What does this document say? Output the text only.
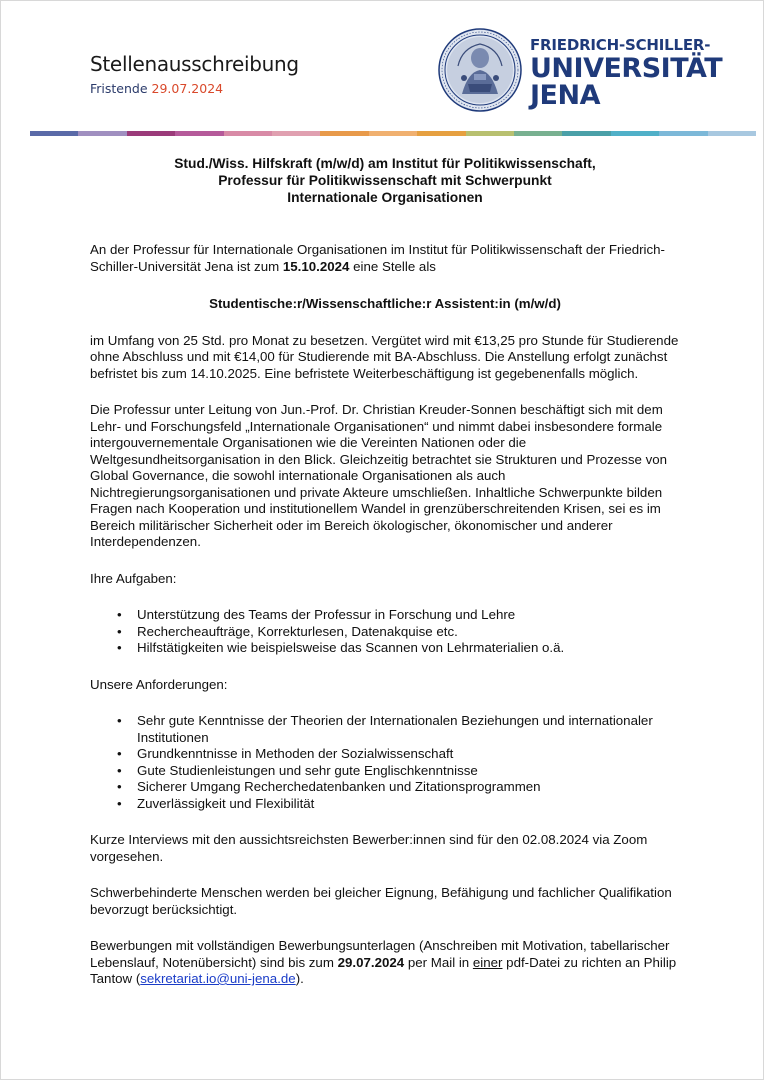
Stellenausschreibung
Fristende 29.07.2024
FRIEDRICH-SCHILLER-
UNIVERSITÄT
JENA

Stud./Wiss. Hilfskraft (m/w/d) am Institut für Politikwissenschaft,
Professur für Politikwissenschaft mit Schwerpunkt
Internationale Organisationen

An der Professur für Internationale Organisationen im Institut für Politikwissenschaft der Friedrich-Schiller-Universität Jena ist zum 15.10.2024 eine Stelle als

Studentische:r/Wissenschaftliche:r Assistent:in (m/w/d)

im Umfang von 25 Std. pro Monat zu besetzen. Vergütet wird mit €13,25 pro Stunde für Studierende ohne Abschluss und mit €14,00 für Studierende mit BA-Abschluss. Die Anstellung erfolgt zunächst befristet bis zum 14.10.2025. Eine befristete Weiterbeschäftigung ist gegebenenfalls möglich.

Die Professur unter Leitung von Jun.-Prof. Dr. Christian Kreuder-Sonnen beschäftigt sich mit dem Lehr- und Forschungsfeld „Internationale Organisationen“ und nimmt dabei insbesondere formale intergouvernementale Organisationen wie die Vereinten Nationen oder die Weltgesundheitsorganisation in den Blick. Gleichzeitig betrachtet sie Strukturen und Prozesse von Global Governance, die sowohl internationale Organisationen als auch Nichtregierungsorganisationen und private Akteure umschließen. Inhaltliche Schwerpunkte bilden Fragen nach Kooperation und institutionellem Wandel in grenzüberschreitenden Krisen, sei es im Bereich militärischer Sicherheit oder im Bereich ökologischer, ökonomischer und anderer Interdependenzen.

Ihre Aufgaben:

• Unterstützung des Teams der Professur in Forschung und Lehre
• Rechercheaufträge, Korrekturlesen, Datenakquise etc.
• Hilfstätigkeiten wie beispielsweise das Scannen von Lehrmaterialien o.ä.

Unsere Anforderungen:

• Sehr gute Kenntnisse der Theorien der Internationalen Beziehungen und internationaler Institutionen
• Grundkenntnisse in Methoden der Sozialwissenschaft
• Gute Studienleistungen und sehr gute Englischkenntnisse
• Sicherer Umgang Recherchedatenbanken und Zitationsprogrammen
• Zuverlässigkeit und Flexibilität

Kurze Interviews mit den aussichtsreichsten Bewerber:innen sind für den 02.08.2024 via Zoom vorgesehen.

Schwerbehinderte Menschen werden bei gleicher Eignung, Befähigung und fachlicher Qualifikation bevorzugt berücksichtigt.

Bewerbungen mit vollständigen Bewerbungsunterlagen (Anschreiben mit Motivation, tabellarischer Lebenslauf, Notenübersicht) sind bis zum 29.07.2024 per Mail in einer pdf-Datei zu richten an Philip Tantow (sekretariat.io@uni-jena.de).
